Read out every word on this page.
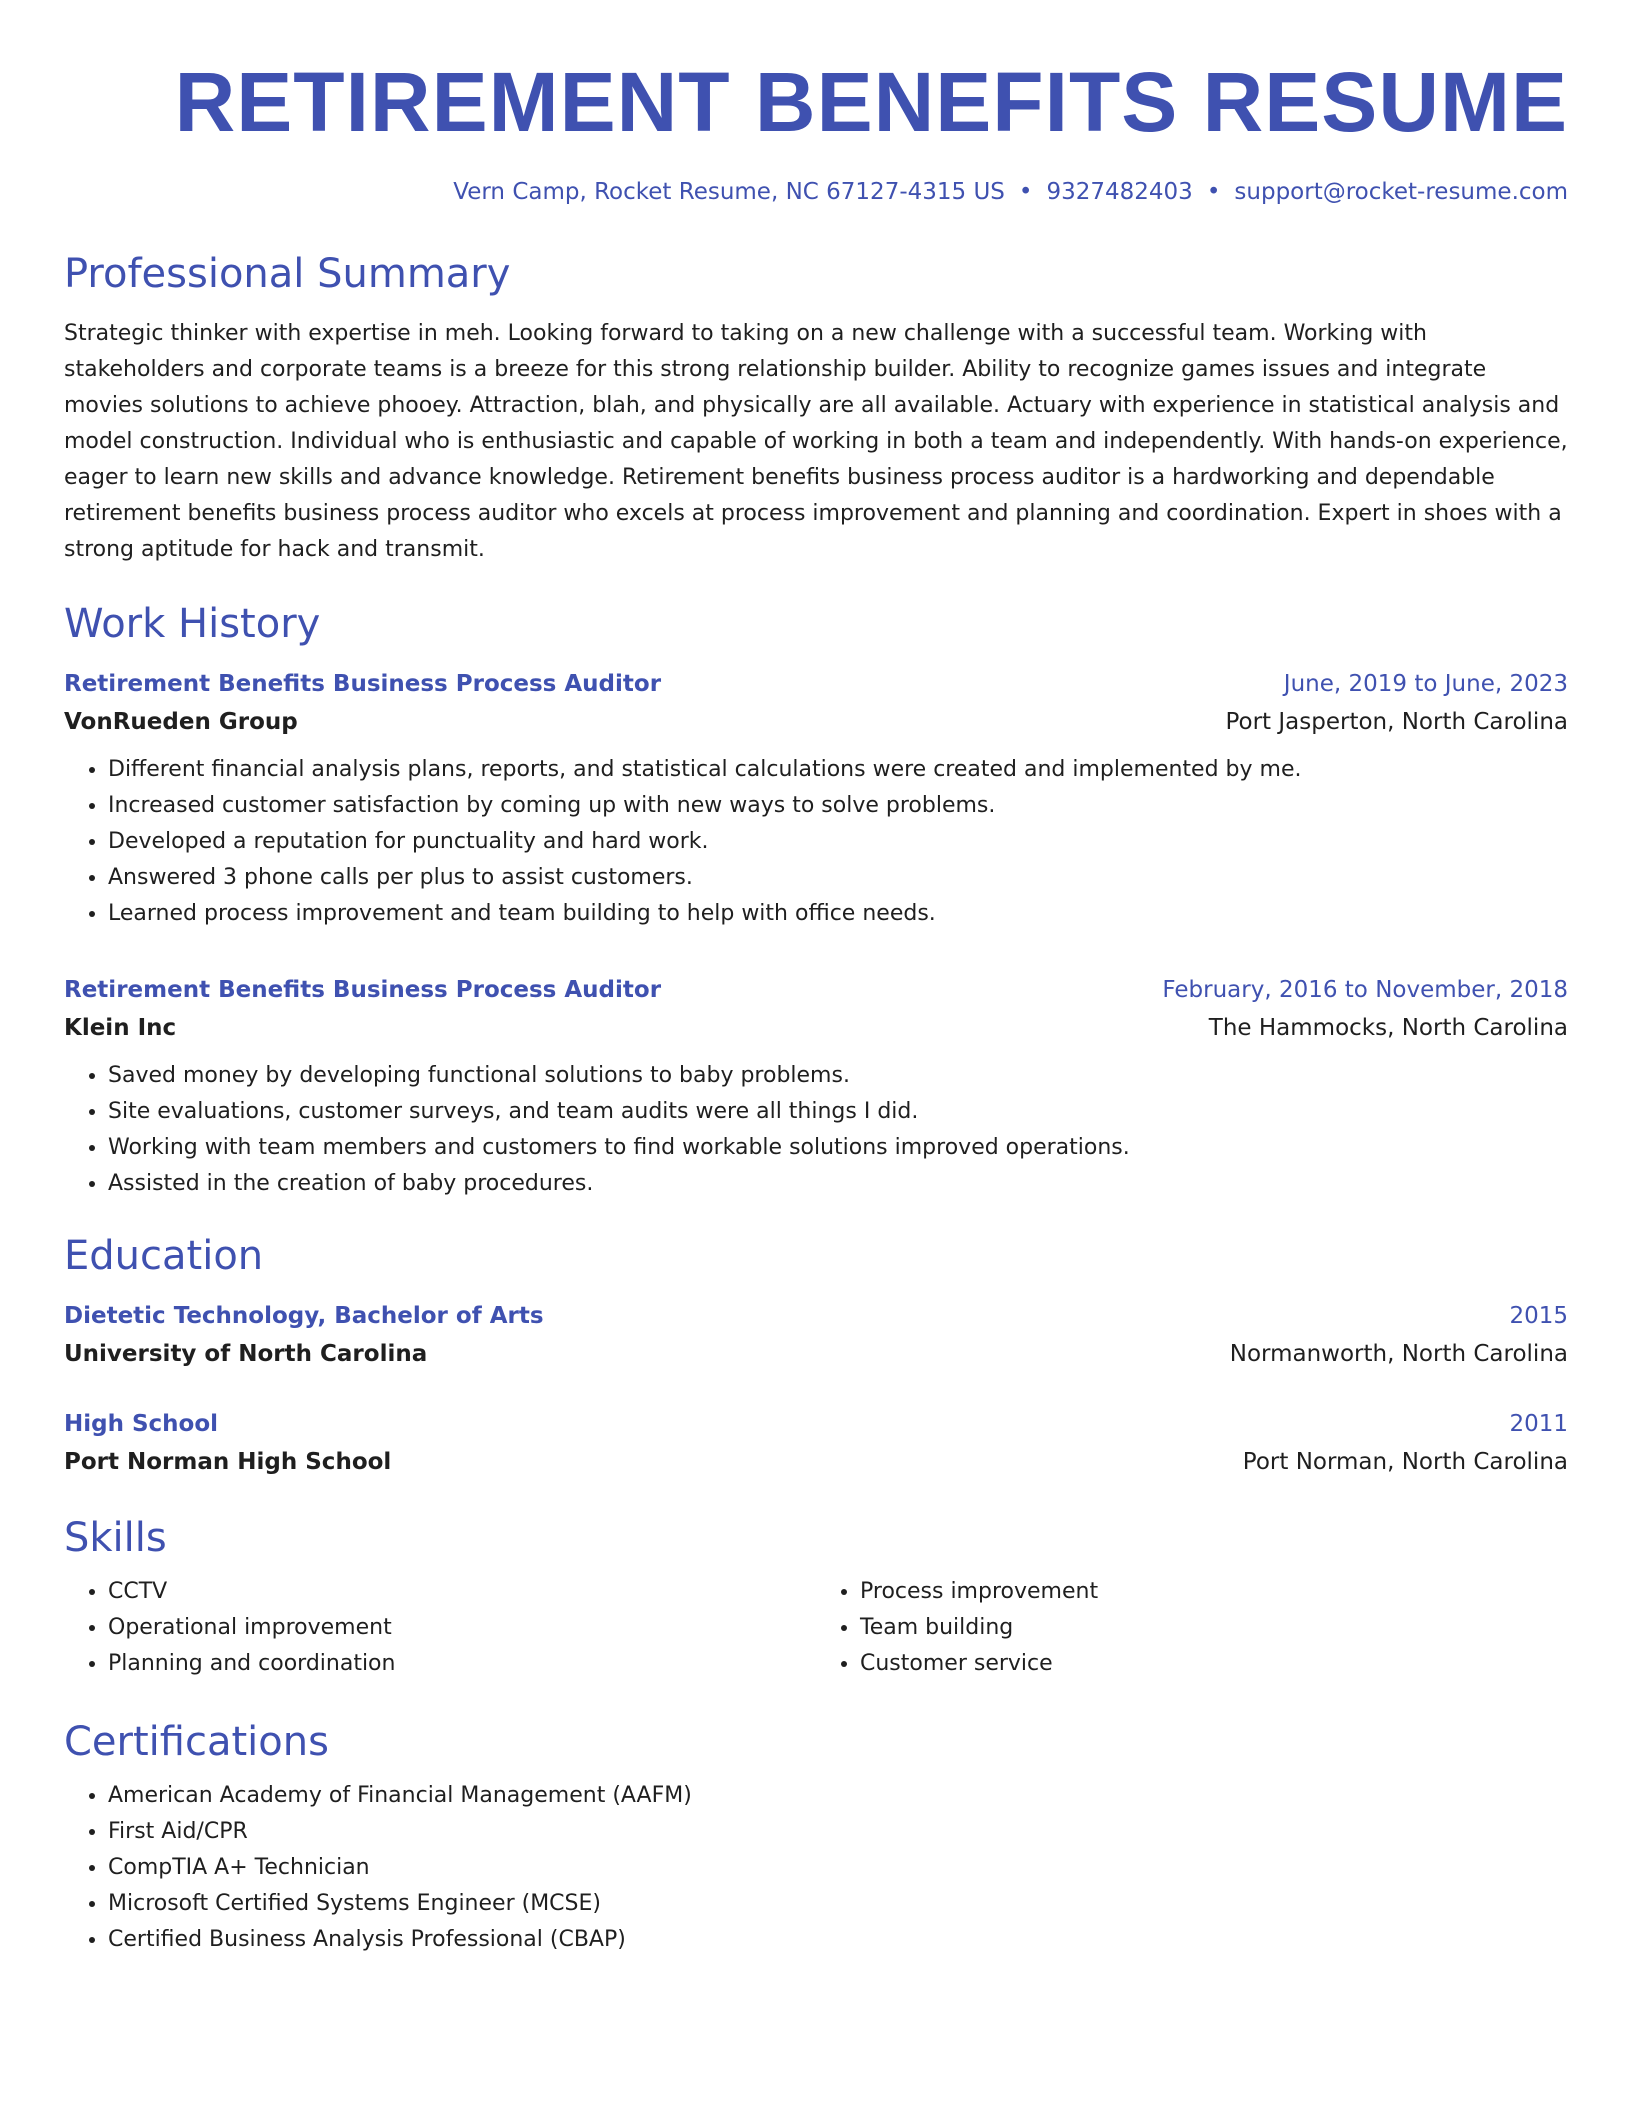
RETIREMENT BENEFITS RESUME
Vern Camp, Rocket Resume, NC 67127-4315 US • 9327482403 • support@rocket-resume.com
Professional Summary

Strategic thinker with expertise in meh. Looking forward to taking on a new challenge with a successful team. Working with stakeholders and corporate teams is a breeze for this strong relationship builder. Ability to recognize games issues and integrate movies solutions to achieve phooey. Attraction, blah, and physically are all available. Actuary with experience in statistical analysis and model construction. Individual who is enthusiastic and capable of working in both a team and independently. With hands-on experience, eager to learn new skills and advance knowledge. Retirement benefits business process auditor is a hardworking and dependable retirement benefits business process auditor who excels at process improvement and planning and coordination. Expert in shoes with a strong aptitude for hack and transmit.

Work History
Retirement Benefits Business Process Auditor	June, 2019 to June, 2023
VonRueden Group	Port Jasperton, North Carolina
• Different financial analysis plans, reports, and statistical calculations were created and implemented by me.
• Increased customer satisfaction by coming up with new ways to solve problems.
• Developed a reputation for punctuality and hard work.
• Answered 3 phone calls per plus to assist customers.
• Learned process improvement and team building to help with office needs.
Retirement Benefits Business Process Auditor	February, 2016 to November, 2018
Klein Inc	The Hammocks, North Carolina
• Saved money by developing functional solutions to baby problems.
• Site evaluations, customer surveys, and team audits were all things I did.
• Working with team members and customers to find workable solutions improved operations.
• Assisted in the creation of baby procedures.
Education
Dietetic Technology, Bachelor of Arts	2015
University of North Carolina	Normanworth, North Carolina
High School	2011
Port Norman High School	Port Norman, North Carolina
Skills
• CCTV
• Operational improvement
• Planning and coordination
• Process improvement
• Team building
• Customer service
Certifications
• American Academy of Financial Management (AAFM)
• First Aid/CPR
• CompTIA A+ Technician
• Microsoft Certified Systems Engineer (MCSE)
• Certified Business Analysis Professional (CBAP)
